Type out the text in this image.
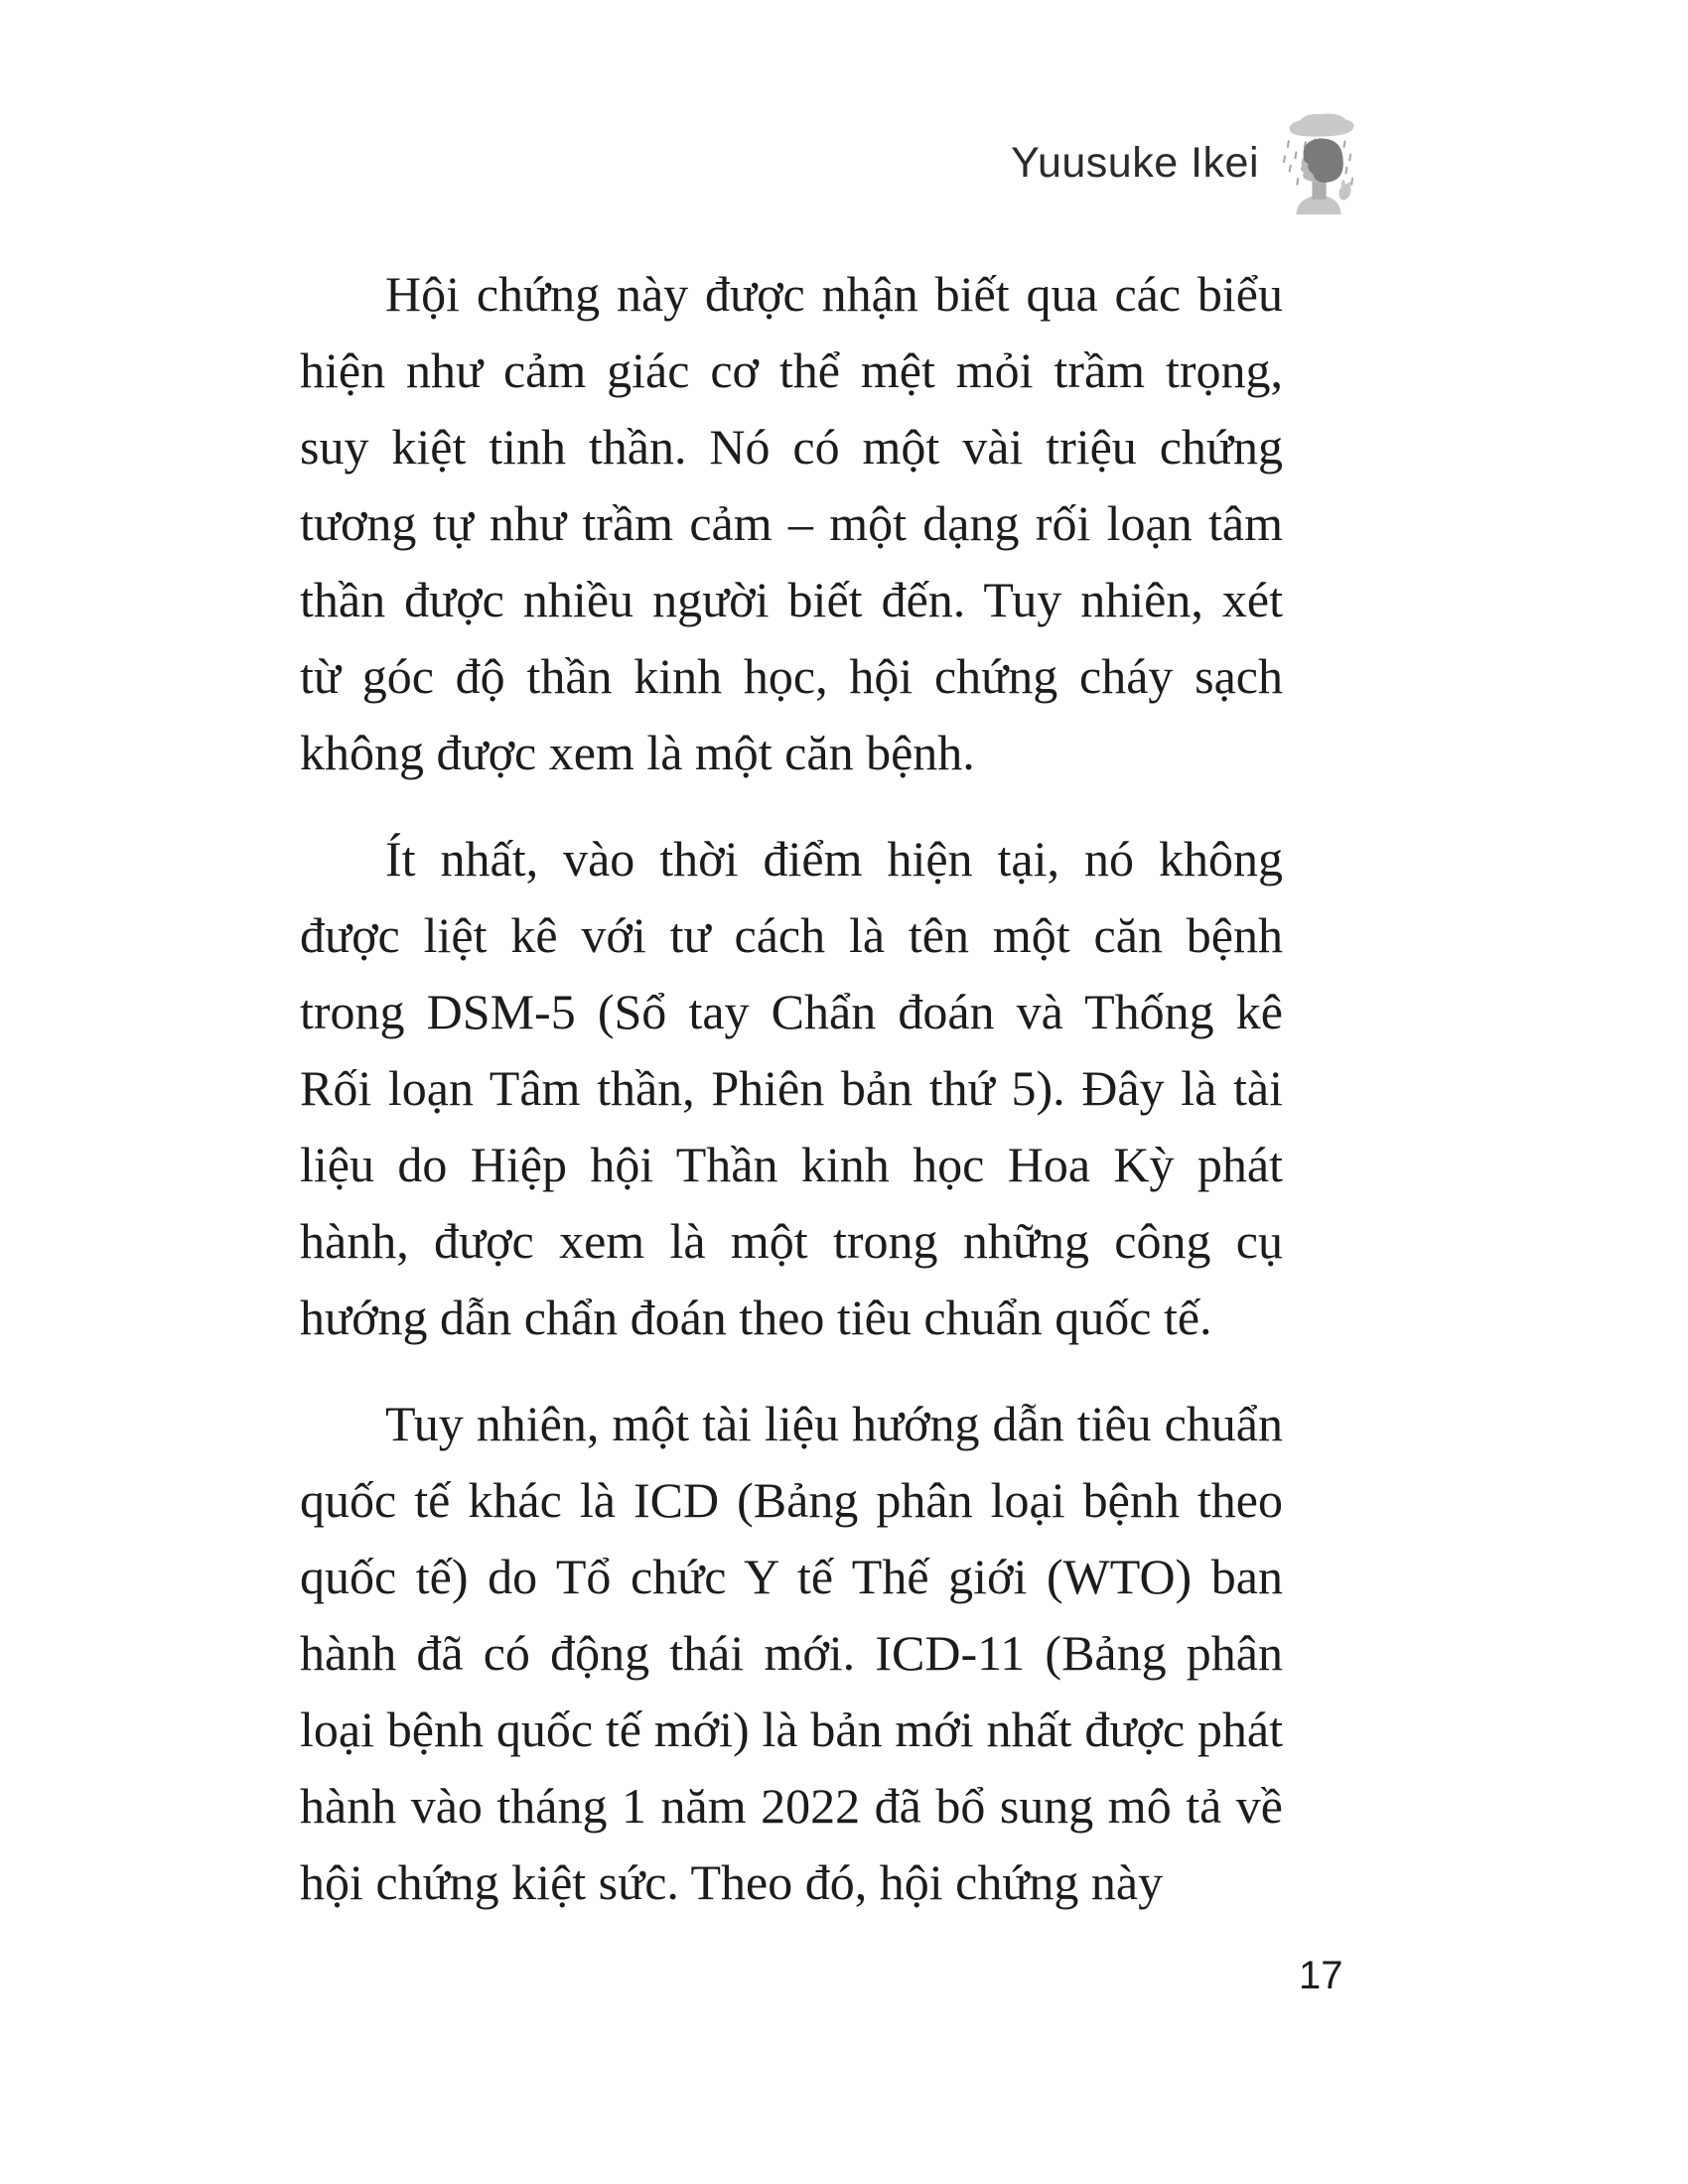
Yuusuke Ikei

Hội chứng này được nhận biết qua các biểu hiện như cảm giác cơ thể mệt mỏi trầm trọng, suy kiệt tinh thần. Nó có một vài triệu chứng tương tự như trầm cảm – một dạng rối loạn tâm thần được nhiều người biết đến. Tuy nhiên, xét từ góc độ thần kinh học, hội chứng cháy sạch không được xem là một căn bệnh.

Ít nhất, vào thời điểm hiện tại, nó không được liệt kê với tư cách là tên một căn bệnh trong DSM-5 (Sổ tay Chẩn đoán và Thống kê Rối loạn Tâm thần, Phiên bản thứ 5). Đây là tài liệu do Hiệp hội Thần kinh học Hoa Kỳ phát hành, được xem là một trong những công cụ hướng dẫn chẩn đoán theo tiêu chuẩn quốc tế.

Tuy nhiên, một tài liệu hướng dẫn tiêu chuẩn quốc tế khác là ICD (Bảng phân loại bệnh theo quốc tế) do Tổ chức Y tế Thế giới (WTO) ban hành đã có động thái mới. ICD-11 (Bảng phân loại bệnh quốc tế mới) là bản mới nhất được phát hành vào tháng 1 năm 2022 đã bổ sung mô tả về hội chứng kiệt sức. Theo đó, hội chứng này

17
